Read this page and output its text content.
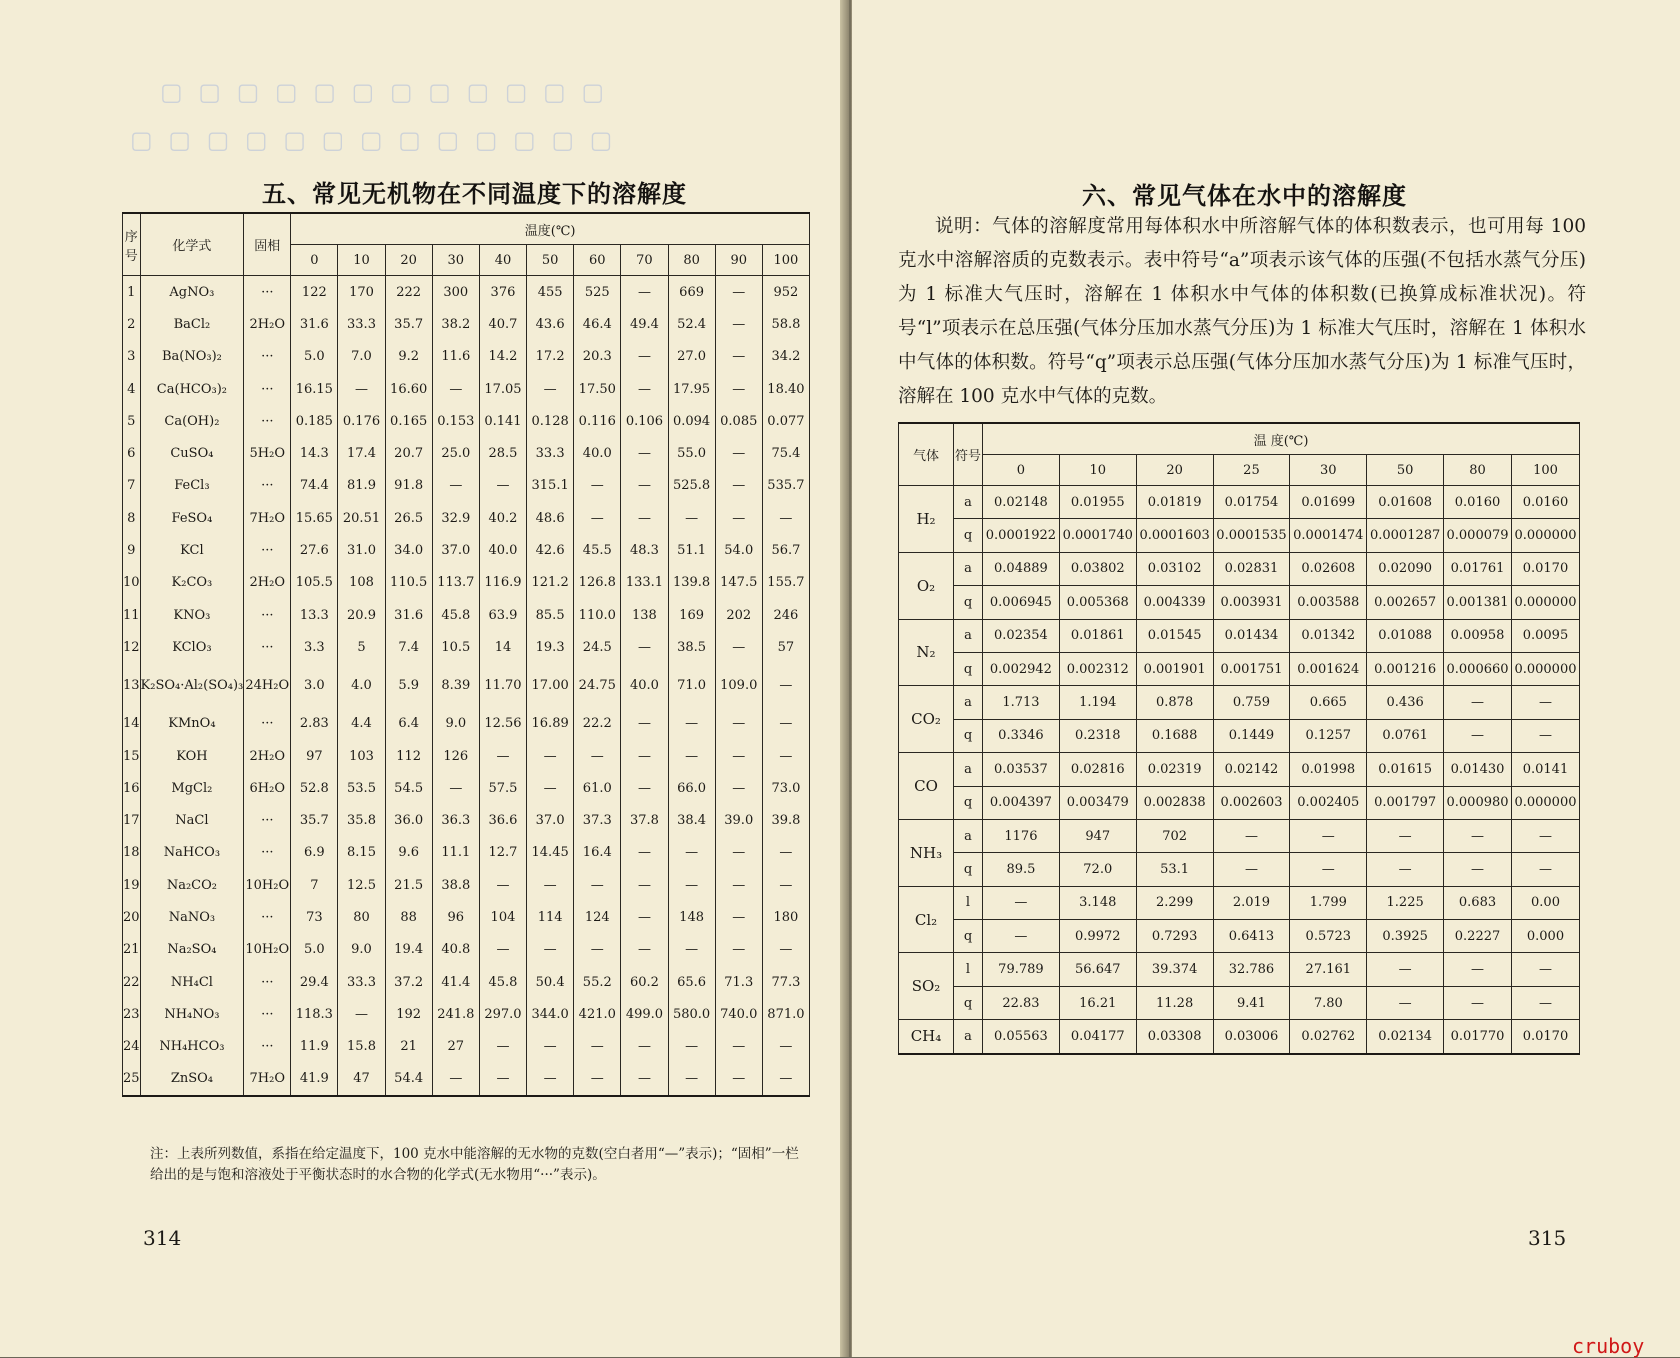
▢ ▢ ▢ ▢ ▢ ▢ ▢ ▢ ▢ ▢ ▢ ▢
▢ ▢ ▢ ▢ ▢ ▢ ▢ ▢ ▢ ▢ ▢ ▢ ▢
五、常见无机物在不同温度下的溶解度
序号	化学式	固相	温度(℃)										
			0	10	20	30	40	50	60	70	80	90	100
1	AgNO₃	···	122	170	222	300	376	455	525	—	669	—	952
2	BaCl₂	2H₂O	31.6	33.3	35.7	38.2	40.7	43.6	46.4	49.4	52.4	—	58.8
3	Ba(NO₃)₂	···	5.0	7.0	9.2	11.6	14.2	17.2	20.3	—	27.0	—	34.2
4	Ca(HCO₃)₂	···	16.15	—	16.60	—	17.05	—	17.50	—	17.95	—	18.40
5	Ca(OH)₂	···	0.185	0.176	0.165	0.153	0.141	0.128	0.116	0.106	0.094	0.085	0.077
6	CuSO₄	5H₂O	14.3	17.4	20.7	25.0	28.5	33.3	40.0	—	55.0	—	75.4
7	FeCl₃	···	74.4	81.9	91.8	—	—	315.1	—	—	525.8	—	535.7
8	FeSO₄	7H₂O	15.65	20.51	26.5	32.9	40.2	48.6	—	—	—	—	—
9	KCl	···	27.6	31.0	34.0	37.0	40.0	42.6	45.5	48.3	51.1	54.0	56.7
10	K₂CO₃	2H₂O	105.5	108	110.5	113.7	116.9	121.2	126.8	133.1	139.8	147.5	155.7
11	KNO₃	···	13.3	20.9	31.6	45.8	63.9	85.5	110.0	138	169	202	246
12	KClO₃	···	3.3	5	7.4	10.5	14	19.3	24.5	—	38.5	—	57
13	K₂SO₄·Al₂(SO₄)₃	24H₂O	3.0	4.0	5.9	8.39	11.70	17.00	24.75	40.0	71.0	109.0	—
14	KMnO₄	···	2.83	4.4	6.4	9.0	12.56	16.89	22.2	—	—	—	—
15	KOH	2H₂O	97	103	112	126	—	—	—	—	—	—	—
16	MgCl₂	6H₂O	52.8	53.5	54.5	—	57.5	—	61.0	—	66.0	—	73.0
17	NaCl	···	35.7	35.8	36.0	36.3	36.6	37.0	37.3	37.8	38.4	39.0	39.8
18	NaHCO₃	···	6.9	8.15	9.6	11.1	12.7	14.45	16.4	—	—	—	—
19	Na₂CO₂	10H₂O	7	12.5	21.5	38.8	—	—	—	—	—	—	—
20	NaNO₃	···	73	80	88	96	104	114	124	—	148	—	180
21	Na₂SO₄	10H₂O	5.0	9.0	19.4	40.8	—	—	—	—	—	—	—
22	NH₄Cl	···	29.4	33.3	37.2	41.4	45.8	50.4	55.2	60.2	65.6	71.3	77.3
23	NH₄NO₃	···	118.3	—	192	241.8	297.0	344.0	421.0	499.0	580.0	740.0	871.0
24	NH₄HCO₃	···	11.9	15.8	21	27	—	—	—	—	—	—	—
25	ZnSO₄	7H₂O	41.9	47	54.4	—	—	—	—	—	—	—	—
注：上表所列数值，系指在给定温度下，100 克水中能溶解的无水物的克数(空白者用“—”表示)；“固相”一栏给出的是与饱和溶液处于平衡状态时的水合物的化学式(无水物用“···”表示)。
314
六、常见气体在水中的溶解度

说明：气体的溶解度常用每体积水中所溶解气体的体积数表示，也可用每 100 克水中溶解溶质的克数表示。表中符号“a”项表示该气体的压强(不包括水蒸气分压)为 1 标准大气压时，溶解在 1 体积水中气体的体积数(已换算成标准状况)。符号“l”项表示在总压强(气体分压加水蒸气分压)为 1 标准大气压时，溶解在 1 体积水中气体的体积数。符号“q”项表示总压强(气体分压加水蒸气分压)为 1 标准气压时，溶解在 100 克水中气体的克数。

气体	符号	温 度(℃)							
		0	10	20	25	30	50	80	100
H₂	a	0.02148	0.01955	0.01819	0.01754	0.01699	0.01608	0.0160	0.0160
	q	0.0001922	0.0001740	0.0001603	0.0001535	0.0001474	0.0001287	0.000079	0.000000
O₂	a	0.04889	0.03802	0.03102	0.02831	0.02608	0.02090	0.01761	0.0170
	q	0.006945	0.005368	0.004339	0.003931	0.003588	0.002657	0.001381	0.000000
N₂	a	0.02354	0.01861	0.01545	0.01434	0.01342	0.01088	0.00958	0.0095
	q	0.002942	0.002312	0.001901	0.001751	0.001624	0.001216	0.000660	0.000000
CO₂	a	1.713	1.194	0.878	0.759	0.665	0.436	—	—
	q	0.3346	0.2318	0.1688	0.1449	0.1257	0.0761	—	—
CO	a	0.03537	0.02816	0.02319	0.02142	0.01998	0.01615	0.01430	0.0141
	q	0.004397	0.003479	0.002838	0.002603	0.002405	0.001797	0.000980	0.000000
NH₃	a	1176	947	702	—	—	—	—	—
	q	89.5	72.0	53.1	—	—	—	—	—
Cl₂	l	—	3.148	2.299	2.019	1.799	1.225	0.683	0.00
	q	—	0.9972	0.7293	0.6413	0.5723	0.3925	0.2227	0.000
SO₂	l	79.789	56.647	39.374	32.786	27.161	—	—	—
	q	22.83	16.21	11.28	9.41	7.80	—	—	—
CH₄	a	0.05563	0.04177	0.03308	0.03006	0.02762	0.02134	0.01770	0.0170
315
cruboy
